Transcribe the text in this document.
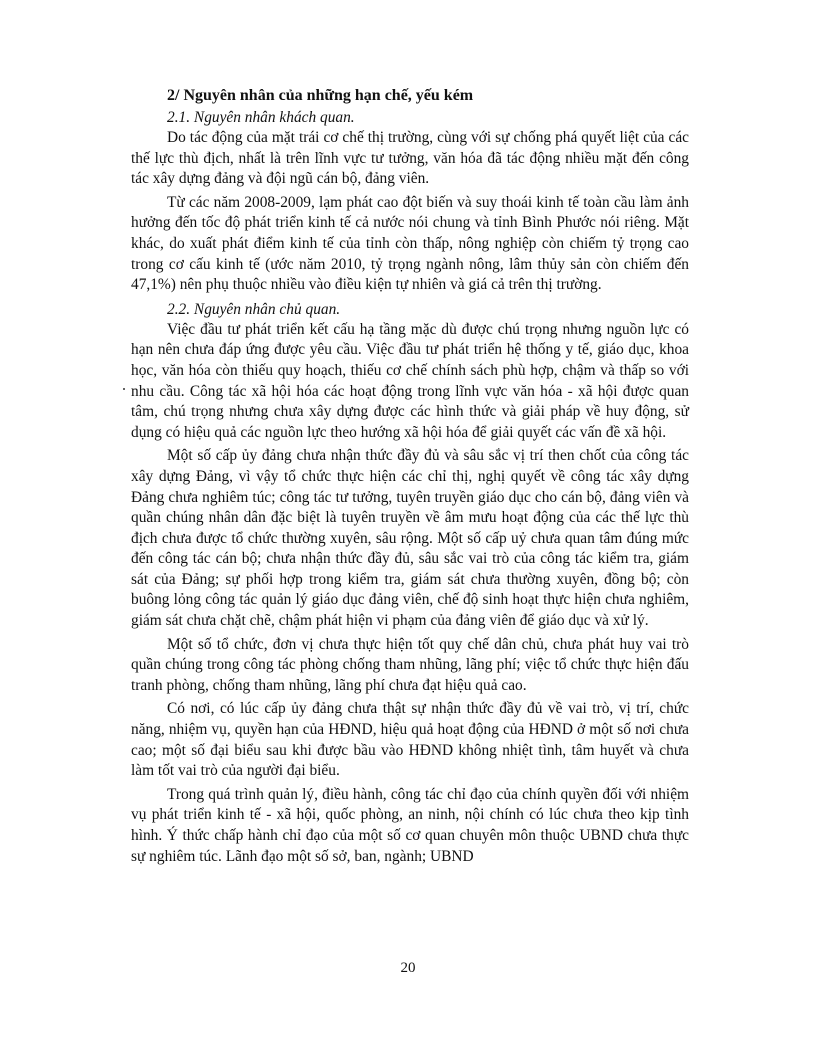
2/ Nguyên nhân của những hạn chế, yếu kém

2.1. Nguyên nhân khách quan.

Do tác động của mặt trái cơ chế thị trường, cùng với sự chống phá quyết liệt của các thế lực thù địch, nhất là trên lĩnh vực tư tưởng, văn hóa đã tác động nhiều mặt đến công tác xây dựng đảng và đội ngũ cán bộ, đảng viên.

Từ các năm 2008-2009, lạm phát cao đột biến và suy thoái kinh tế toàn cầu làm ảnh hưởng đến tốc độ phát triển kinh tế cả nước nói chung và tỉnh Bình Phước nói riêng. Mặt khác, do xuất phát điểm kinh tế của tỉnh còn thấp, nông nghiệp còn chiếm tỷ trọng cao trong cơ cấu kinh tế (ước năm 2010, tỷ trọng ngành nông, lâm thủy sản còn chiếm đến 47,1%) nên phụ thuộc nhiều vào điều kiện tự nhiên và giá cả trên thị trường.

2.2. Nguyên nhân chủ quan.

Việc đầu tư phát triển kết cấu hạ tầng mặc dù được chú trọng nhưng nguồn lực có hạn nên chưa đáp ứng được yêu cầu. Việc đầu tư phát triển hệ thống y tế, giáo dục, khoa học, văn hóa còn thiếu quy hoạch, thiếu cơ chế chính sách phù hợp, chậm và thấp so với nhu cầu. Công tác xã hội hóa các hoạt động trong lĩnh vực văn hóa - xã hội được quan tâm, chú trọng nhưng chưa xây dựng được các hình thức và giải pháp về huy động, sử dụng có hiệu quả các nguồn lực theo hướng xã hội hóa để giải quyết các vấn đề xã hội.

Một số cấp ủy đảng chưa nhận thức đầy đủ và sâu sắc vị trí then chốt của công tác xây dựng Đảng, vì vậy tổ chức thực hiện các chỉ thị, nghị quyết về công tác xây dựng Đảng chưa nghiêm túc; công tác tư tưởng, tuyên truyền giáo dục cho cán bộ, đảng viên và quần chúng nhân dân đặc biệt là tuyên truyền về âm mưu hoạt động của các thế lực thù địch chưa được tổ chức thường xuyên, sâu rộng. Một số cấp uỷ chưa quan tâm đúng mức đến công tác cán bộ; chưa nhận thức đầy đủ, sâu sắc vai trò của công tác kiểm tra, giám sát của Đảng; sự phối hợp trong kiểm tra, giám sát chưa thường xuyên, đồng bộ; còn buông lỏng công tác quản lý giáo dục đảng viên, chế độ sinh hoạt thực hiện chưa nghiêm, giám sát chưa chặt chẽ, chậm phát hiện vi phạm của đảng viên để giáo dục và xử lý.

Một số tổ chức, đơn vị chưa thực hiện tốt quy chế dân chủ, chưa phát huy vai trò quần chúng trong công tác phòng chống tham nhũng, lãng phí; việc tổ chức thực hiện đấu tranh phòng, chống tham nhũng, lãng phí chưa đạt hiệu quả cao.

Có nơi, có lúc cấp ủy đảng chưa thật sự nhận thức đầy đủ về vai trò, vị trí, chức năng, nhiệm vụ, quyền hạn của HĐND, hiệu quả hoạt động của HĐND ở một số nơi chưa cao; một số đại biểu sau khi được bầu vào HĐND không nhiệt tình, tâm huyết và chưa làm tốt vai trò của người đại biểu.

Trong quá trình quản lý, điều hành, công tác chỉ đạo của chính quyền đối với nhiệm vụ phát triển kinh tế - xã hội, quốc phòng, an ninh, nội chính có lúc chưa theo kịp tình hình. Ý thức chấp hành chỉ đạo của một số cơ quan chuyên môn thuộc UBND chưa thực sự nghiêm túc. Lãnh đạo một số sở, ban, ngành; UBND

20
